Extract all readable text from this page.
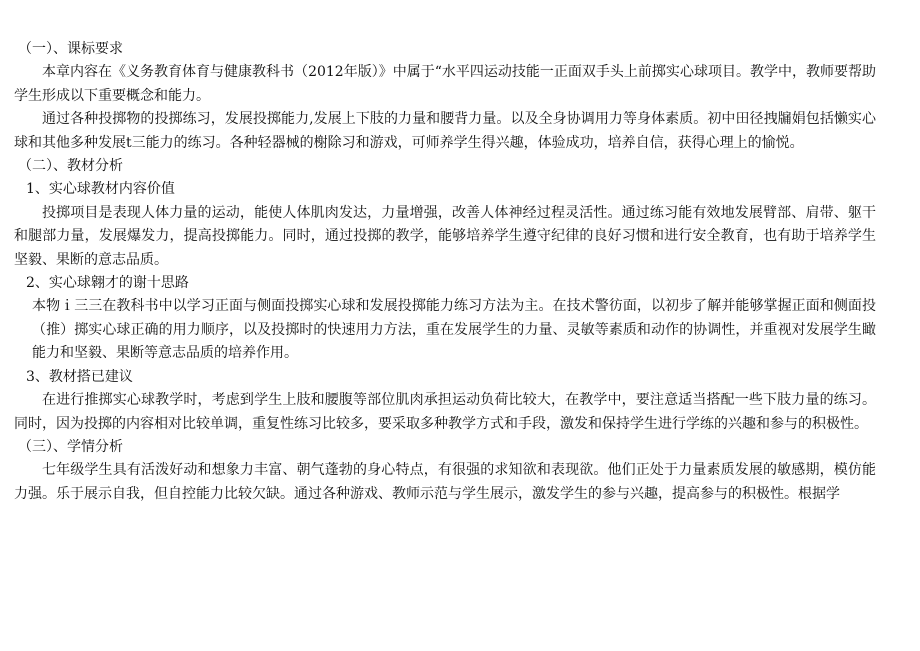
（一）、课标要求

本章内容在《义务教育体育与健康教科书（2012年版）》中属于“水平四运动技能一正面双手头上前掷实心球项目。教学中，教师要帮助学生形成以下重要概念和能力。

通过各种投掷物的投掷练习，发展投掷能力,发展上下肢的力量和腰背力量。以及全身协调用力等身体素质。初中田径拽牖娟包括懒实心球和其他多种发展t三能力的练习。各种轻器械的榭除习和游戏，可师养学生得兴趣，体验成功，培养自信，获得心理上的愉悦。

（二）、教材分析

1、实心球教材内容价值

投掷项目是表现人体力量的运动，能使人体肌肉发达，力量增强，改善人体神经过程灵活性。通过练习能有效地发展臂部、肩带、躯干和腿部力量，发展爆发力，提高投掷能力。同时，通过投掷的教学，能够培养学生遵守纪律的良好习惯和进行安全教育，也有助于培养学生坚毅、果断的意志品质。

2、实心球翱才的谢十思路

本物ｉ三三在教科书中以学习正面与侧面投掷实心球和发展投掷能力练习方法为主。在技术警彷面，以初步了解并能够掌握正面和侧面投（推）掷实心球正确的用力顺序，以及投掷时的快速用力方法，重在发展学生的力量、灵敏等素质和动作的协调性，并重视对发展学生瞰能力和坚毅、果断等意志品质的培养作用。

3、教材搭已建议

在进行推掷实心球教学时，考虑到学生上肢和腰腹等部位肌肉承担运动负荷比较大，在教学中，要注意适当搭配一些下肢力量的练习。同时，因为投掷的内容相对比较单调，重复性练习比较多，要采取多种教学方式和手段，激发和保持学生进行学练的兴趣和参与的积极性。

（三）、学情分析

七年级学生具有活泼好动和想象力丰富、朝气蓬勃的身心特点，有很强的求知欲和表现欲。他们正处于力量素质发展的敏感期，模仿能力强。乐于展示自我，但自控能力比较欠缺。通过各种游戏、教师示范与学生展示，激发学生的参与兴趣，提高参与的积极性。根据学
